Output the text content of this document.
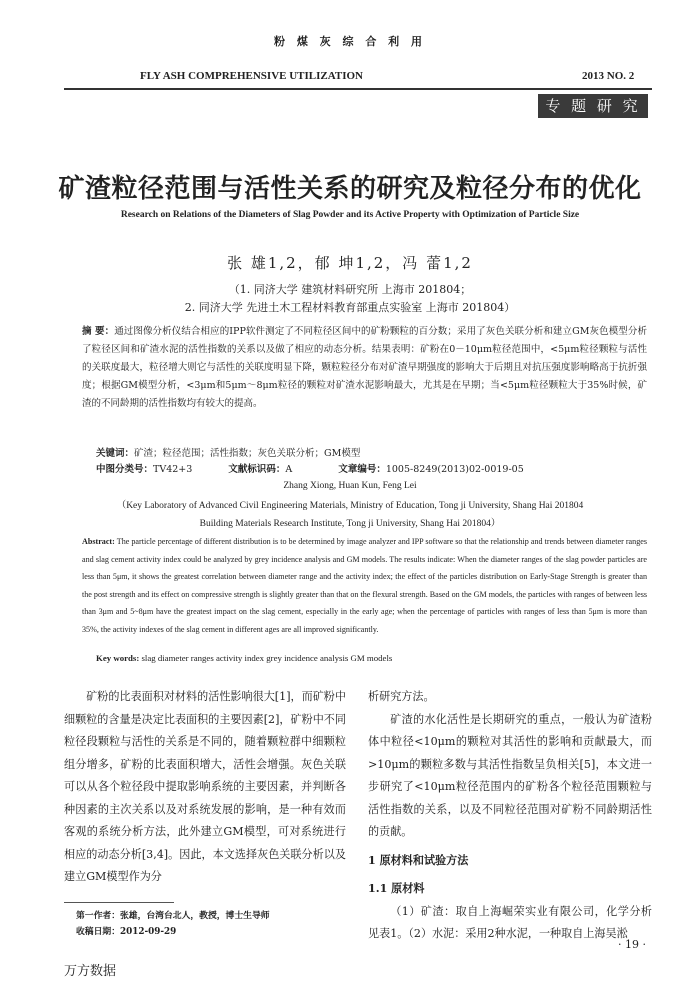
粉 煤 灰 综 合 利 用
FLY ASH COMPREHENSIVE UTILIZATION	2013 NO. 2
专 题 研 究
矿渣粒径范围与活性关系的研究及粒径分布的优化
Research on Relations of the Diameters of Slag Powder and its Active Property with Optimization of Particle Size
张 雄1,2，郁 坤1,2，冯 蕾1,2
（1. 同济大学 建筑材料研究所 上海市 201804；
2. 同济大学 先进土木工程材料教育部重点实验室 上海市 201804）
摘 要：通过图像分析仪结合相应的IPP软件测定了不同粒径区间中的矿粉颗粒的百分数；采用了灰色关联分析和建立GM灰色模型分析了粒径区间和矿渣水泥的活性指数的关系以及做了相应的动态分析。结果表明：矿粉在0－10μm粒径范围中，<5μm粒径颗粒与活性的关联度最大，粒径增大则它与活性的关联度明显下降，颗粒粒径分布对矿渣早期强度的影响大于后期且对抗压强度影响略高于抗折强度；根据GM模型分析，<3μm和5μm～8μm粒径的颗粒对矿渣水泥影响最大，尤其是在早期；当<5μm粒径颗粒大于35%时候，矿渣的不同龄期的活性指数均有较大的提高。
关键词：矿渣；粒径范围；活性指数；灰色关联分析；GM模型
中图分类号：TV42+3	文献标识码：A	文章编号：1005-8249(2013)02-0019-05
Zhang Xiong, Huan Kun, Feng Lei
（Key Laboratory of Advanced Civil Engineering Materials, Ministry of Education, Tong ji University, Shang Hai 201804
Building Materials Research Institute, Tong ji University, Shang Hai 201804）
Abstract: The particle percentage of different distribution is to be determined by image analyzer and IPP software so that the relationship and trends between diameter ranges and slag cement activity index could be analyzed by grey incidence analysis and GM models. The results indicate: When the diameter ranges of the slag powder particles are less than 5μm, it shows the greatest correlation between diameter range and the activity index; the effect of the particles distribution on Early-Stage Strength is greater than the post strength and its effect on compressive strength is slightly greater than that on the flexural strength. Based on the GM models, the particles with ranges of between less than 3μm and 5~8μm have the greatest impact on the slag cement, especially in the early age; when the percentage of particles with ranges of less than 5μm is more than 35%, the activity indexes of the slag cement in different ages are all improved significantly.
Key words: slag diameter ranges activity index grey incidence analysis GM models
矿粉的比表面积对材料的活性影响很大[1]，而矿粉中细颗粒的含量是决定比表面积的主要因素[2]，矿粉中不同粒径段颗粒与活性的关系是不同的，随着颗粒群中细颗粒组分增多，矿粉的比表面积增大，活性会增强。灰色关联可以从各个粒径段中提取影响系统的主要因素，并判断各种因素的主次关系以及对系统发展的影响，是一种有效而客观的系统分析方法，此外建立GM模型，可对系统进行相应的动态分析[3,4]。因此，本文选择灰色关联分析以及建立GM模型作为分
析研究方法。
矿渣的水化活性是长期研究的重点，一般认为矿渣粉体中粒径<10μm的颗粒对其活性的影响和贡献最大，而>10μm的颗粒多数与其活性指数呈负相关[5]，本文进一步研究了<10μm粒径范围内的矿粉各个粒径范围颗粒与活性指数的关系，以及不同粒径范围对矿粉不同龄期活性的贡献。
1 原材料和试验方法
1.1 原材料
（1）矿渣：取自上海崛荣实业有限公司，化学分析见表1。（2）水泥：采用2种水泥，一种取自上海吴淞
第一作者：张雄，台湾台北人，教授，博士生导师
收稿日期：2012-09-29
· 19 ·
万方数据
